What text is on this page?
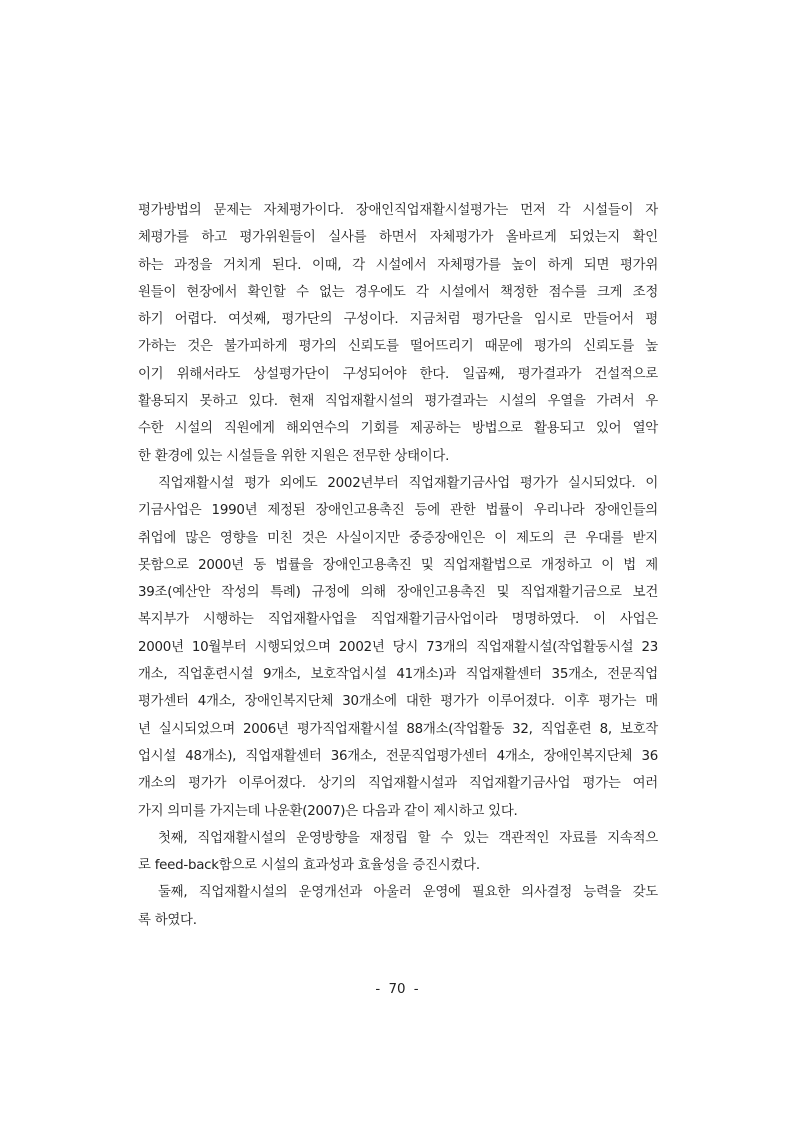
평가방법의 문제는 자체평가이다. 장애인직업재활시설평가는 먼저 각 시설들이 자
체평가를 하고 평가위원들이 실사를 하면서 자체평가가 올바르게 되었는지 확인
하는 과정을 거치게 된다. 이때, 각 시설에서 자체평가를 높이 하게 되면 평가위
원들이 현장에서 확인할 수 없는 경우에도 각 시설에서 책정한 점수를 크게 조정
하기 어렵다. 여섯째, 평가단의 구성이다. 지금처럼 평가단을 임시로 만들어서 평
가하는 것은 불가피하게 평가의 신뢰도를 떨어뜨리기 때문에 평가의 신뢰도를 높
이기 위해서라도 상설평가단이 구성되어야 한다. 일곱째, 평가결과가 건설적으로
활용되지 못하고 있다. 현재 직업재활시설의 평가결과는 시설의 우열을 가려서 우
수한 시설의 직원에게 해외연수의 기회를 제공하는 방법으로 활용되고 있어 열악
한 환경에 있는 시설들을 위한 지원은 전무한 상태이다.
직업재활시설 평가 외에도 2002년부터 직업재활기금사업 평가가 실시되었다. 이
기금사업은 1990년 제정된 장애인고용촉진 등에 관한 법률이 우리나라 장애인들의
취업에 많은 영향을 미친 것은 사실이지만 중증장애인은 이 제도의 큰 우대를 받지
못함으로 2000년 동 법률을 장애인고용촉진 및 직업재활법으로 개정하고 이 법 제
39조(예산안 작성의 특례) 규정에 의해 장애인고용촉진 및 직업재활기금으로 보건
복지부가 시행하는 직업재활사업을 직업재활기금사업이라 명명하였다. 이 사업은
2000년 10월부터 시행되었으며 2002년 당시 73개의 직업재활시설(작업활동시설 23
개소, 직업훈련시설 9개소, 보호작업시설 41개소)과 직업재활센터 35개소, 전문직업
평가센터 4개소, 장애인복지단체 30개소에 대한 평가가 이루어졌다. 이후 평가는 매
년 실시되었으며 2006년 평가직업재활시설 88개소(작업활동 32, 직업훈련 8, 보호작
업시설 48개소), 직업재활센터 36개소, 전문직업평가센터 4개소, 장애인복지단체 36
개소의 평가가 이루어졌다. 상기의 직업재활시설과 직업재활기금사업 평가는 여러
가지 의미를 가지는데 나운환(2007)은 다음과 같이 제시하고 있다.
첫째, 직업재활시설의 운영방향을 재정립 할 수 있는 객관적인 자료를 지속적으
로 feed-back함으로 시설의 효과성과 효율성을 증진시켰다.
둘째, 직업재활시설의 운영개선과 아울러 운영에 필요한 의사결정 능력을 갖도
록 하였다.
- 70 -
